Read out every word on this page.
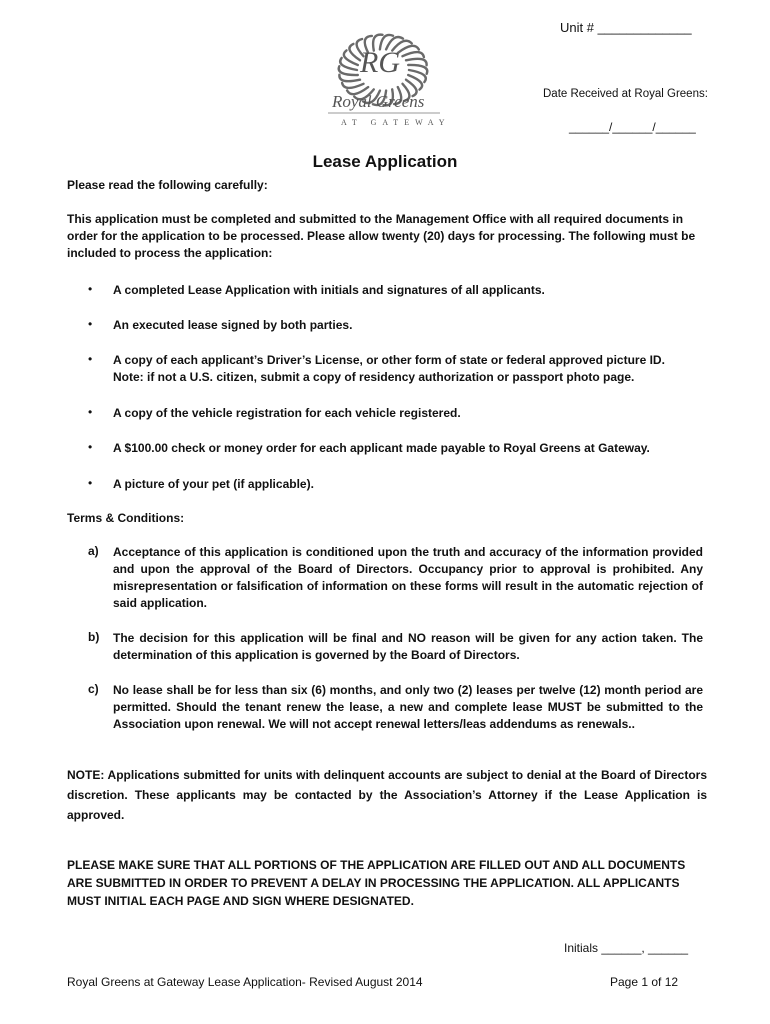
RG
Royal Greens
AT GATEWAY
Unit # _____________
Date Received at Royal Greens:
______/______/______
Lease Application
Please read the following carefully:
This application must be completed and submitted to the Management Office with all required documents in order for the application to be processed. Please allow twenty (20) days for processing. The following must be included to process the application:
• A completed Lease Application with initials and signatures of all applicants.
• An executed lease signed by both parties.
• A copy of each applicant’s Driver’s License, or other form of state or federal approved picture ID.
Note: if not a U.S. citizen, submit a copy of residency authorization or passport photo page.
• A copy of the vehicle registration for each vehicle registered.
• A $100.00 check or money order for each applicant made payable to Royal Greens at Gateway.
• A picture of your pet (if applicable).
Terms & Conditions:
a) Acceptance of this application is conditioned upon the truth and accuracy of the information provided and upon the approval of the Board of Directors. Occupancy prior to approval is prohibited. Any misrepresentation or falsification of information on these forms will result in the automatic rejection of said application.
b) The decision for this application will be final and NO reason will be given for any action taken. The determination of this application is governed by the Board of Directors.
c) No lease shall be for less than six (6) months, and only two (2) leases per twelve (12) month period are permitted. Should the tenant renew the lease, a new and complete lease MUST be submitted to the Association upon renewal. We will not accept renewal letters/leas addendums as renewals..
NOTE: Applications submitted for units with delinquent accounts are subject to denial at the Board of Directors discretion. These applicants may be contacted by the Association’s Attorney if the Lease Application is approved.
PLEASE MAKE SURE THAT ALL PORTIONS OF THE APPLICATION ARE FILLED OUT AND ALL DOCUMENTS ARE SUBMITTED IN ORDER TO PREVENT A DELAY IN PROCESSING THE APPLICATION. ALL APPLICANTS MUST INITIAL EACH PAGE AND SIGN WHERE DESIGNATED.
Initials ______, ______
Royal Greens at Gateway Lease Application- Revised August 2014	Page 1 of 12
